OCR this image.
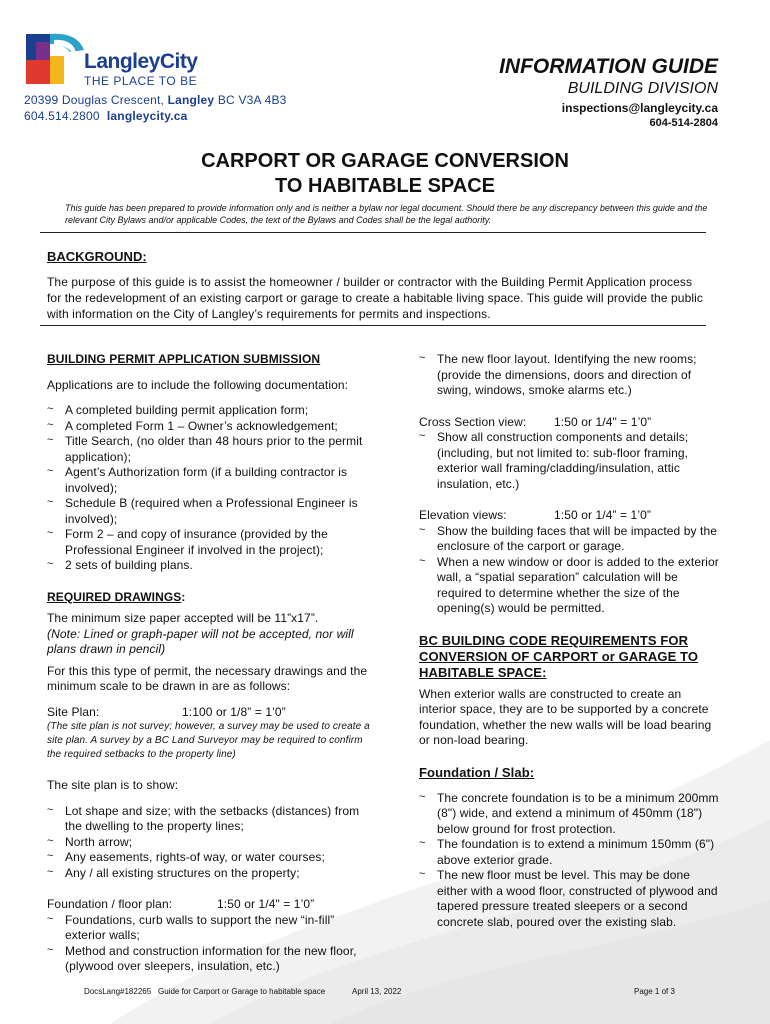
LangleyCity
THE PLACE TO BE
20399 Douglas Crescent, Langley BC V3A 4B3
604.514.2800 langleycity.ca
INFORMATION GUIDE
BUILDING DIVISION
inspections@langleycity.ca
604-514-2804
CARPORT OR GARAGE CONVERSION
TO HABITABLE SPACE
This guide has been prepared to provide information only and is neither a bylaw nor legal document. Should there be any discrepancy between this guide and the relevant City Bylaws and/or applicable Codes, the text of the Bylaws and Codes shall be the legal authority.
BACKGROUND:
The purpose of this guide is to assist the homeowner / builder or contractor with the Building Permit Application process for the redevelopment of an existing carport or garage to create a habitable living space. This guide will provide the public with information on the City of Langley’s requirements for permits and inspections.
BUILDING PERMIT APPLICATION SUBMISSION
Applications are to include the following documentation:
~ A completed building permit application form;
~ A completed Form 1 – Owner’s acknowledgement;
~ Title Search, (no older than 48 hours prior to the permit application);
~ Agent’s Authorization form (if a building contractor is involved);
~ Schedule B (required when a Professional Engineer is involved);
~ Form 2 – and copy of insurance (provided by the Professional Engineer if involved in the project);
~ 2 sets of building plans.
REQUIRED DRAWINGS:
The minimum size paper accepted will be 11”x17”.
(Note: Lined or graph-paper will not be accepted, nor will plans drawn in pencil)
For this this type of permit, the necessary drawings and the minimum scale to be drawn in are as follows:
Site Plan:	1:100 or 1/8” = 1’0”
(The site plan is not survey; however, a survey may be used to create a site plan. A survey by a BC Land Surveyor may be required to confirm the required setbacks to the property line)
The site plan is to show:
~ Lot shape and size; with the setbacks (distances) from the dwelling to the property lines;
~ North arrow;
~ Any easements, rights-of way, or water courses;
~ Any / all existing structures on the property;
Foundation / floor plan:	1:50 or 1/4" = 1’0”
~ Foundations, curb walls to support the new “in-fill” exterior walls;
~ Method and construction information for the new floor, (plywood over sleepers, insulation, etc.)
~ The new floor layout. Identifying the new rooms;(provide the dimensions, doors and direction of swing, windows, smoke alarms etc.)
Cross Section view:	1:50 or 1/4" = 1’0”
~ Show all construction components and details; (including, but not limited to: sub-floor framing, exterior wall framing/cladding/insulation, attic insulation, etc.)
Elevation views:	1:50 or 1/4” = 1’0”
~ Show the building faces that will be impacted by the enclosure of the carport or garage.
~ When a new window or door is added to the exterior wall, a “spatial separation” calculation will be required to determine whether the size of the opening(s) would be permitted.
BC BUILDING CODE REQUIREMENTS FOR CONVERSION OF CARPORT or GARAGE TO HABITABLE SPACE:
When exterior walls are constructed to create an interior space, they are to be supported by a concrete foundation, whether the new walls will be load bearing or non-load bearing.
Foundation / Slab:
~ The concrete foundation is to be a minimum 200mm (8") wide, and extend a minimum of 450mm (18") below ground for frost protection.
~ The foundation is to extend a minimum 150mm (6") above exterior grade.
~ The new floor must be level. This may be done either with a wood floor, constructed of plywood and tapered pressure treated sleepers or a second concrete slab, poured over the existing slab.
DocsLang#182265 Guide for Carport or Garage to habitable space	April 13, 2022	Page 1 of 3
